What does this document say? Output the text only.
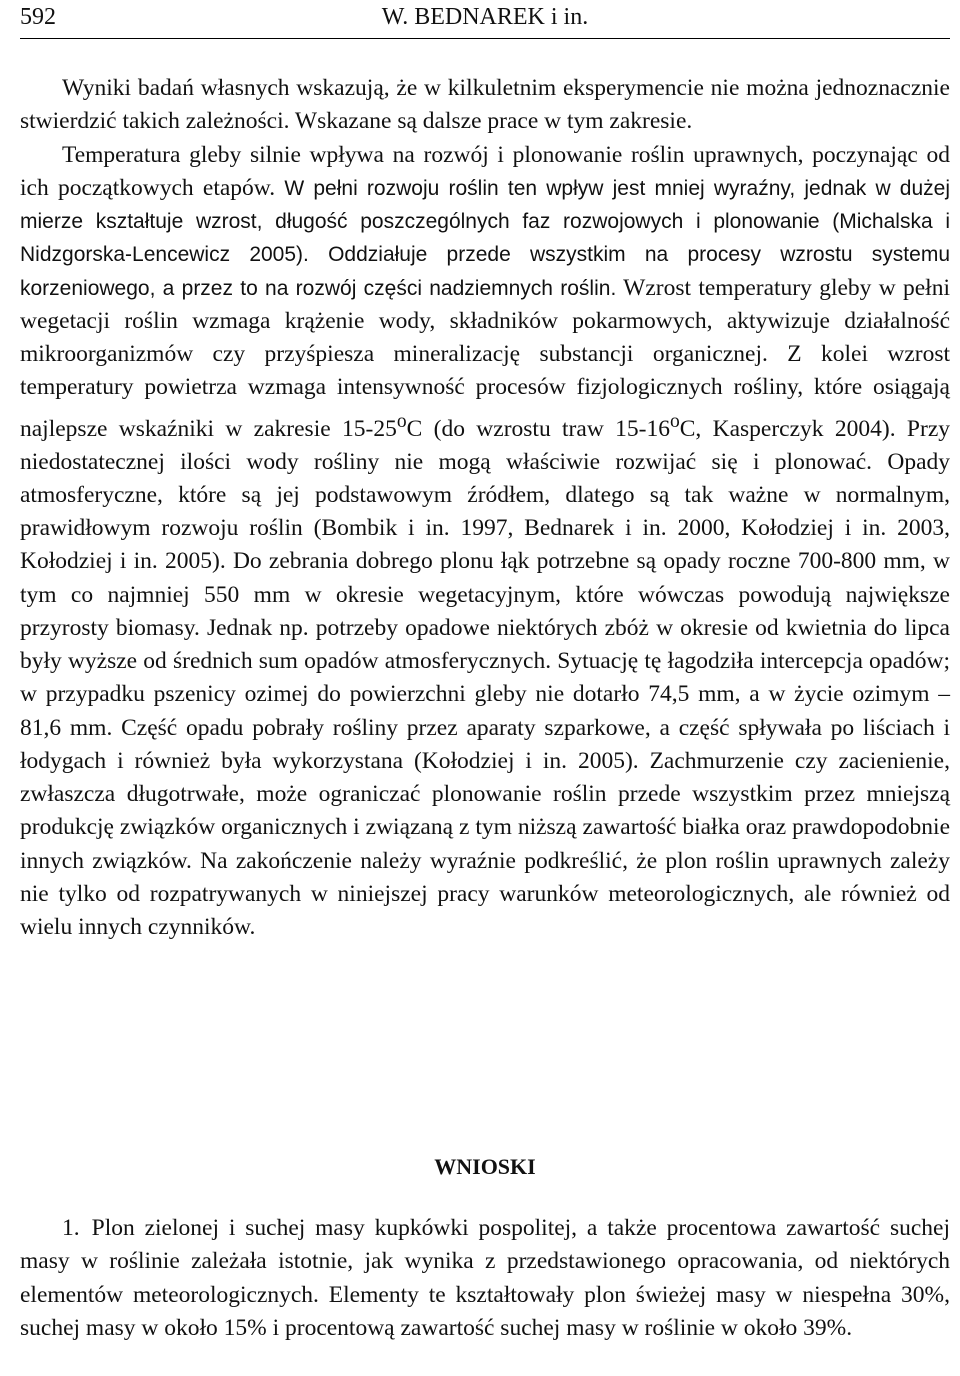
592	W. BEDNAREK i in.

Wyniki badań własnych wskazują, że w kilkuletnim eksperymencie nie można jednoznacznie stwierdzić takich zależności. Wskazane są dalsze prace w tym zakresie.

Temperatura gleby silnie wpływa na rozwój i plonowanie roślin uprawnych, poczynając od ich początkowych etapów. W pełni rozwoju roślin ten wpływ jest mniej wyraźny, jednak w dużej mierze kształtuje wzrost, długość poszczególnych faz rozwojowych i plonowanie (Michalska i Nidzgorska-Lencewicz 2005). Oddziałuje przede wszystkim na procesy wzrostu systemu korzeniowego, a przez to na rozwój części nadziemnych roślin. Wzrost temperatury gleby w pełni wegetacji roślin wzmaga krążenie wody, składników pokarmowych, aktywizuje działalność mikroorganizmów czy przyśpiesza mineralizację substancji organicznej. Z kolei wzrost temperatury powietrza wzmaga intensywność procesów fizjologicznych rośliny, które osiągają najlepsze wskaźniki w zakresie 15-25$^o$C (do wzrostu traw 15-16$^o$C, Kasperczyk 2004). Przy niedostatecznej ilości wody rośliny nie mogą właściwie rozwijać się i plonować. Opady atmosferyczne, które są jej podstawowym źródłem, dlatego są tak ważne w normalnym, prawidłowym rozwoju roślin (Bombik i in. 1997, Bednarek i in. 2000, Kołodziej i in. 2003, Kołodziej i in. 2005). Do zebrania dobrego plonu łąk potrzebne są opady roczne 700-800 mm, w tym co najmniej 550 mm w okresie wegetacyjnym, które wówczas powodują największe przyrosty biomasy. Jednak np. potrzeby opadowe niektórych zbóż w okresie od kwietnia do lipca były wyższe od średnich sum opadów atmosferycznych. Sytuację tę łagodziła intercepcja opadów; w przypadku pszenicy ozimej do powierzchni gleby nie dotarło 74,5 mm, a w życie ozimym – 81,6 mm. Część opadu pobrały rośliny przez aparaty szparkowe, a część spływała po liściach i łodygach i również była wykorzystana (Kołodziej i in. 2005). Zachmurzenie czy zacienienie, zwłaszcza długotrwałe, może ograniczać plonowanie roślin przede wszystkim przez mniejszą produkcję związków organicznych i związaną z tym niższą zawartość białka oraz prawdopodobnie innych związków. Na zakończenie należy wyraźnie podkreślić, że plon roślin uprawnych zależy nie tylko od rozpatrywanych w niniejszej pracy warunków meteorologicznych, ale również od wielu innych czynników.

WNIOSKI

1. Plon zielonej i suchej masy kupkówki pospolitej, a także procentowa zawartość suchej masy w roślinie zależała istotnie, jak wynika z przedstawionego opracowania, od niektórych elementów meteorologicznych. Elementy te kształtowały plon świeżej masy w niespełna 30%, suchej masy w około 15% i procentową zawartość suchej masy w roślinie w około 39%.
